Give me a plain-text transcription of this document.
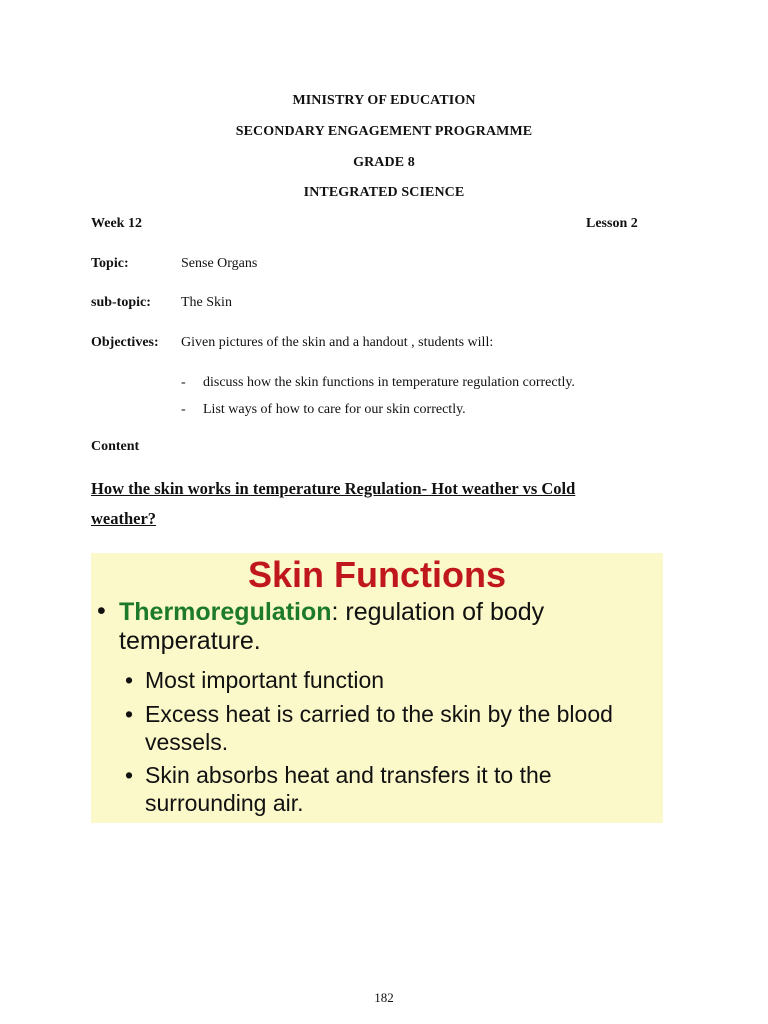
MINISTRY OF EDUCATION
SECONDARY ENGAGEMENT PROGRAMME
GRADE 8
INTEGRATED SCIENCE
Week 12	Lesson 2
Topic:	Sense Organs
sub-topic: The Skin
Objectives: Given pictures of the skin and a handout , students will:
- discuss how the skin functions in temperature regulation correctly.
- List ways of how to care for our skin correctly.
Content
How the skin works in temperature Regulation- Hot weather vs Cold
weather?
Skin Functions
• Thermoregulation: regulation of body
temperature.
• Most important function
• Excess heat is carried to the skin by the blood
vessels.
• Skin absorbs heat and transfers it to the
surrounding air.
182
